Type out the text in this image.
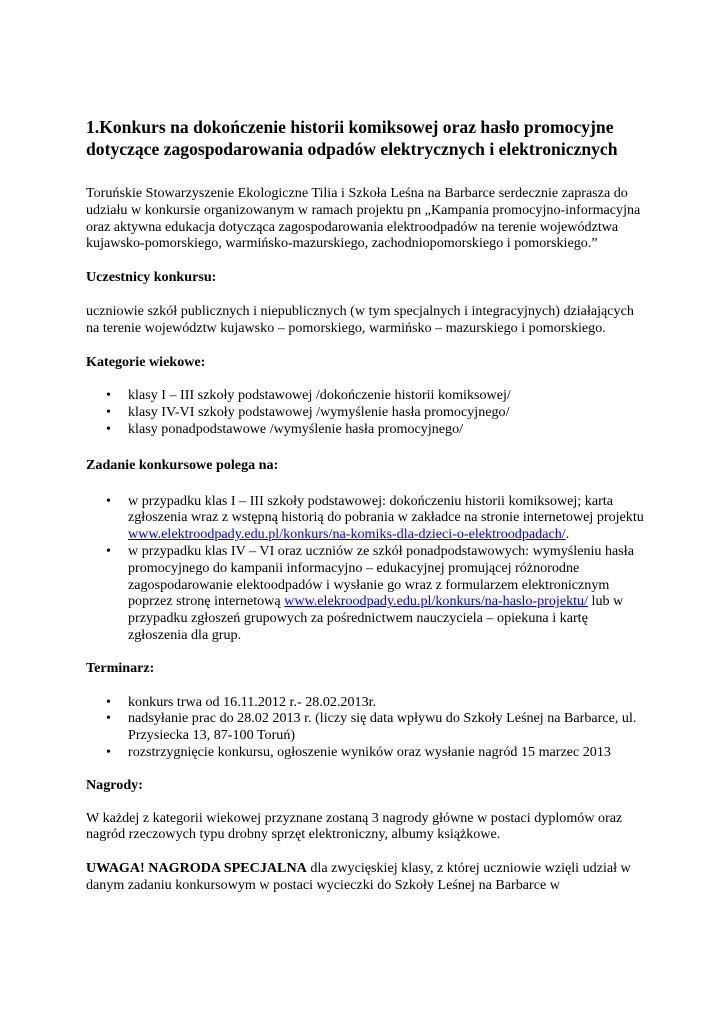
1.Konkurs na dokończenie historii komiksowej oraz hasło promocyjne dotyczące zagospodarowania odpadów elektrycznych i elektronicznych

Toruńskie Stowarzyszenie Ekologiczne Tilia i Szkoła Leśna na Barbarce serdecznie zaprasza do udziału w konkursie organizowanym w ramach projektu pn „Kampania promocyjno-informacyjna oraz aktywna edukacja dotycząca zagospodarowania elektroodpadów na terenie województwa kujawsko-pomorskiego, warmińsko-mazurskiego, zachodniopomorskiego i pomorskiego.”

Uczestnicy konkursu:

uczniowie szkół publicznych i niepublicznych (w tym specjalnych i integracyjnych) działających na terenie województw kujawsko – pomorskiego, warmińsko – mazurskiego i pomorskiego.

Kategorie wiekowe:

• klasy I – III szkoły podstawowej /dokończenie historii komiksowej/
• klasy IV-VI szkoły podstawowej /wymyślenie hasła promocyjnego/
• klasy ponadpodstawowe /wymyślenie hasła promocyjnego/

Zadanie konkursowe polega na:

• w przypadku klas I – III szkoły podstawowej: dokończeniu historii komiksowej; karta zgłoszenia wraz z wstępną historią do pobrania w zakładce na stronie internetowej projektu www.elektroodpady.edu.pl/konkurs/na-komiks-dla-dzieci-o-elektroodpadach/.
• w przypadku klas IV – VI oraz uczniów ze szkół ponadpodstawowych: wymyśleniu hasła promocyjnego do kampanii informacyjno – edukacyjnej promującej różnorodne zagospodarowanie elektoodpadów i wysłanie go wraz z formularzem elektronicznym poprzez stronę internetową www.elekroodpady.edu.pl/konkurs/na-haslo-projektu/ lub w przypadku zgłoszeń grupowych za pośrednictwem nauczyciela – opiekuna i kartę zgłoszenia dla grup.

Terminarz:

• konkurs trwa od 16.11.2012 r.- 28.02.2013r.
• nadsyłanie prac do 28.02 2013 r. (liczy się data wpływu do Szkoły Leśnej na Barbarce, ul. Przysiecka 13, 87-100 Toruń)
• rozstrzygnięcie konkursu, ogłoszenie wyników oraz wysłanie nagród 15 marzec 2013

Nagrody:

W każdej z kategorii wiekowej przyznane zostaną 3 nagrody główne w postaci dyplomów oraz nagród rzeczowych typu drobny sprzęt elektroniczny, albumy książkowe.

UWAGA! NAGRODA SPECJALNA dla zwycięskiej klasy, z której uczniowie wzięli udział w danym zadaniu konkursowym w postaci wycieczki do Szkoły Leśnej na Barbarce w
